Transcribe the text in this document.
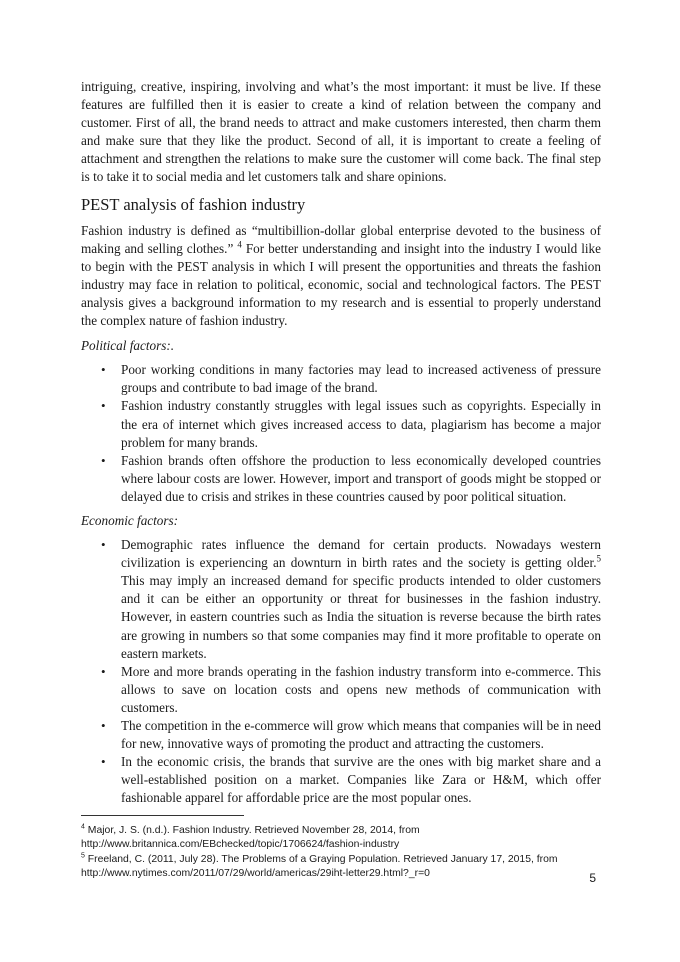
intriguing, creative, inspiring, involving and what’s the most important: it must be live. If these features are fulfilled then it is easier to create a kind of relation between the company and customer. First of all, the brand needs to attract and make customers interested, then charm them and make sure that they like the product. Second of all, it is important to create a feeling of attachment and strengthen the relations to make sure the customer will come back. The final step is to take it to social media and let customers talk and share opinions.

PEST analysis of fashion industry

Fashion industry is defined as “multibillion-dollar global enterprise devoted to the business of making and selling clothes.” $^4$ For better understanding and insight into the industry I would like to begin with the PEST analysis in which I will present the opportunities and threats the fashion industry may face in relation to political, economic, social and technological factors. The PEST analysis gives a background information to my research and is essential to properly understand the complex nature of fashion industry.

Political factors:.

• Poor working conditions in many factories may lead to increased activeness of pressure groups and contribute to bad image of the brand.
• Fashion industry constantly struggles with legal issues such as copyrights. Especially in the era of internet which gives increased access to data, plagiarism has become a major problem for many brands.
• Fashion brands often offshore the production to less economically developed countries where labour costs are lower. However, import and transport of goods might be stopped or delayed due to crisis and strikes in these countries caused by poor political situation.

Economic factors:

• Demographic rates influence the demand for certain products. Nowadays western civilization is experiencing an downturn in birth rates and the society is getting older.$^5$ This may imply an increased demand for specific products intended to older customers and it can be either an opportunity or threat for businesses in the fashion industry. However, in eastern countries such as India the situation is reverse because the birth rates are growing in numbers so that some companies may find it more profitable to operate on eastern markets.
• More and more brands operating in the fashion industry transform into e-commerce. This allows to save on location costs and opens new methods of communication with customers.
• The competition in the e-commerce will grow which means that companies will be in need for new, innovative ways of promoting the product and attracting the customers.
• In the economic crisis, the brands that survive are the ones with big market share and a well-established position on a market. Companies like Zara or H&M, which offer fashionable apparel for affordable price are the most popular ones.

$^4$ Major, J. S. (n.d.). Fashion Industry. Retrieved November 28, 2014, from

http://www.britannica.com/EBchecked/topic/1706624/fashion-industry

$^5$ Freeland, C. (2011, July 28). The Problems of a Graying Population. Retrieved January 17, 2015, from

http://www.nytimes.com/2011/07/29/world/americas/29iht-letter29.html?_r=0	5
